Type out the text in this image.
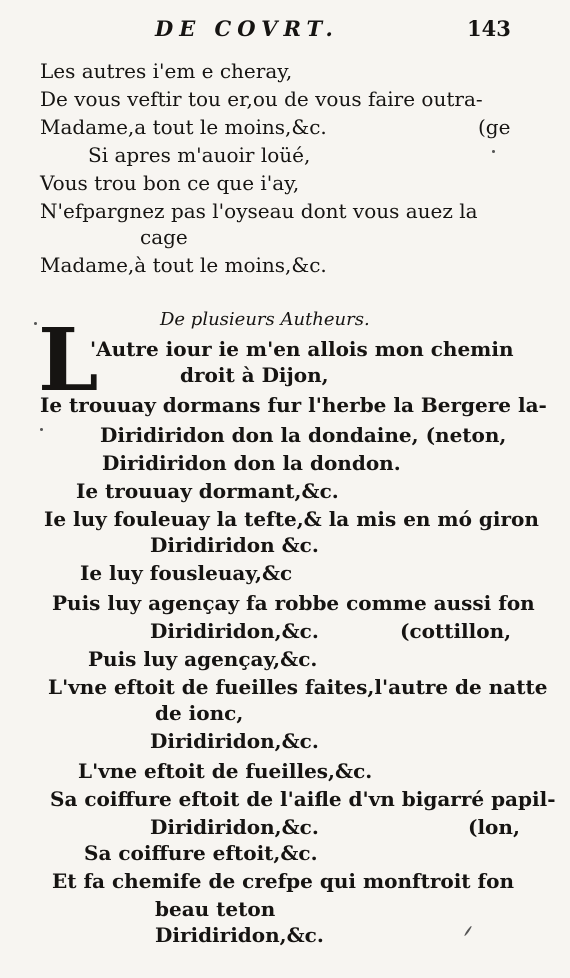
DE COVRT.	143
Les autres i'em e cheray,
De vous veftir tou er,ou de vous faire outra-
Madame,a tout le moins,&c.	(ge
Si apres m'auoir loüé,
Vous trou bon ce que i'ay,
N'efpargnez pas l'oyseau dont vous auez la
cage
Madame,à tout le moins,&c.
De plusieurs Autheurs.
L
'Autre iour ie m'en allois mon chemin
droit à Dijon,
Ie trouuay dormans fur l'herbe la Bergere la-
Diridiridon don la dondaine, (neton,
Diridiridon don la dondon.
Ie trouuay dormant,&c.
Ie luy fouleuay la tefte,& la mis en mó giron
Diridiridon &c.
Ie luy fousleuay,&c
Puis luy agençay fa robbe comme aussi fon
Diridiridon,&c.	(cottillon,
Puis luy agençay,&c.
L'vne eftoit de fueilles faites,l'autre de natte
de ionc,
Diridiridon,&c.
L'vne eftoit de fueilles,&c.
Sa coiffure eftoit de l'aifle d'vn bigarré papil-
Diridiridon,&c.	(lon,
Sa coiffure eftoit,&c.
Et fa chemife de crefpe qui monftroit fon
beau teton
Diridiridon,&c.
